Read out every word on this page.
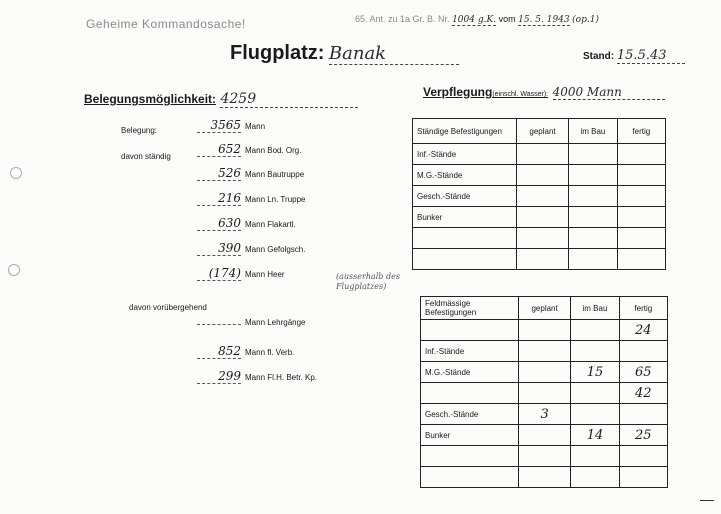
Geheime Kommandosache!	65. Ant. zu 1a Gr. B. Nr. 1004 g.K. vom 15. 5. 1943 (op.1)
Flugplatz: Banak	Stand: 15.5.43
Belegungsmöglichkeit: 4259	Verpflegung(einschl. Wasser): 4000 Mann
Belegung:	3565 Mann
davon ständig
652 Mann Bod. Org.
526 Mann Bautruppe
216 Mann Ln. Truppe
630 Mann Flakartl.
390 Mann Gefolgsch.
(174) Mann Heer	(ausserhalb des Flugplatzes)
davon vorübergehend
Mann Lehrgänge
852 Mann fl. Verb.
299 Mann Fl.H. Betr. Kp.
Ständige Befestigungen	geplant	im Bau	fertig
Inf.-Stände			
M.G.-Stände			
Gesch.-Stände			
Bunker			

Feldmässige Befestigungen	geplant	im Bau	fertig
			24
Inf.-Stände			
M.G.-Stände		15	65
			42
Gesch.-Stände	3		
Bunker		14	25
